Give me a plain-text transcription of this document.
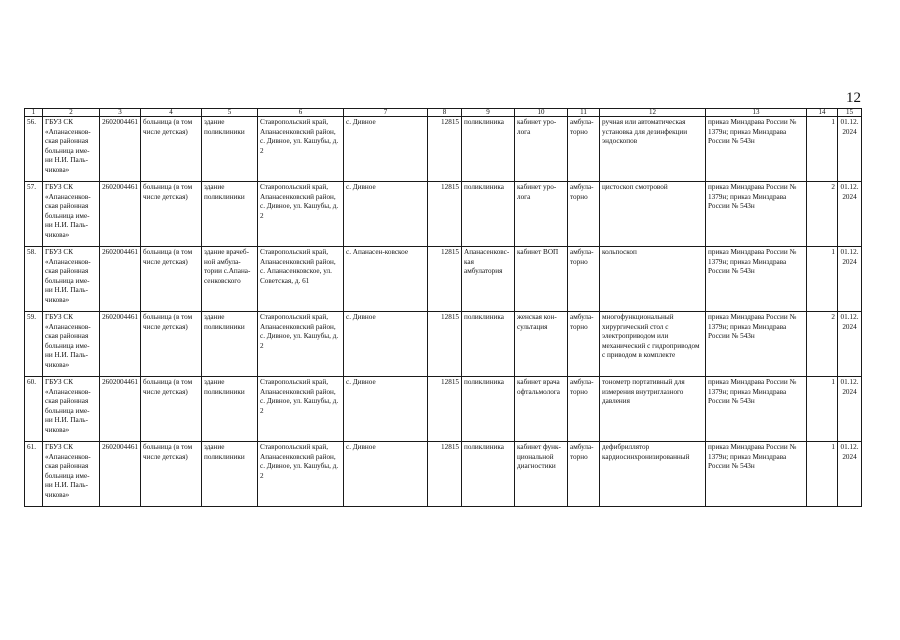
12
1	2	3	4	5	6	7	8	9	10	11	12	13	14	15
56.	ГБУЗ СК «Апанасенков-ская районная больница име-ни Н.И. Паль-чикова»	2602004461	больница (в том числе детская)	здание поликлиники	Ставропольский край, Апанасенковский район, с. Дивное, ул. Кашубы, д. 2	с. Дивное	12815	поликлиника	кабинет уро-лога	амбула-торно	ручная или автоматическая установка для дезинфекции эндоскопов	приказ Минздрава России № 1379н; приказ Минздрава России № 543н	1	01.12.2024
57.	ГБУЗ СК «Апанасенков-ская районная больница име-ни Н.И. Паль-чикова»	2602004461	больница (в том числе детская)	здание поликлиники	Ставропольский край, Апанасенковский район, с. Дивное, ул. Кашубы, д. 2	с. Дивное	12815	поликлиника	кабинет уро-лога	амбула-торно	цистоскоп смотровой	приказ Минздрава России № 1379н; приказ Минздрава России № 543н	2	01.12.2024
58.	ГБУЗ СК «Апанасенков-ская районная больница име-ни Н.И. Паль-чикова»	2602004461	больница (в том числе детская)	здание врачеб-ной амбула-тории с.Апана-сенковского	Ставропольский край, Апанасенковский район, с. Апанасенковское, ул. Советская, д. 61	с. Апанасен-ковское	12815	Апанасенковс-кая амбулатория	кабинет ВОП	амбула-торно	кольпоскоп	приказ Минздрава России № 1379н; приказ Минздрава России № 543н	1	01.12.2024
59.	ГБУЗ СК «Апанасенков-ская районная больница име-ни Н.И. Паль-чикова»	2602004461	больница (в том числе детская)	здание поликлиники	Ставропольский край, Апанасенковский район, с. Дивное, ул. Кашубы, д. 2	с. Дивное	12815	поликлиника	женская кон-сультация	амбула-торно	многофункциональный хирургический стол с электроприводом или механический с гидроприводом с приводом в комплекте	приказ Минздрава России № 1379н; приказ Минздрава России № 543н	2	01.12.2024
60.	ГБУЗ СК «Апанасенков-ская районная больница име-ни Н.И. Паль-чикова»	2602004461	больница (в том числе детская)	здание поликлиники	Ставропольский край, Апанасенковский район, с. Дивное, ул. Кашубы, д. 2	с. Дивное	12815	поликлиника	кабинет врача офтальмолога	амбула-торно	тонометр портативный для измерения внутриглазного давления	приказ Минздрава России № 1379н; приказ Минздрава России № 543н	1	01.12.2024
61.	ГБУЗ СК «Апанасенков-ская районная больница име-ни Н.И. Паль-чикова»	2602004461	больница (в том числе детская)	здание поликлиники	Ставропольский край, Апанасенковский район, с. Дивное, ул. Кашубы, д. 2	с. Дивное	12815	поликлиника	кабинет функ-циональной диагностики	амбула-торно	дефибриллятор кардиосинхронизированный	приказ Минздрава России № 1379н; приказ Минздрава России № 543н	1	01.12.2024
